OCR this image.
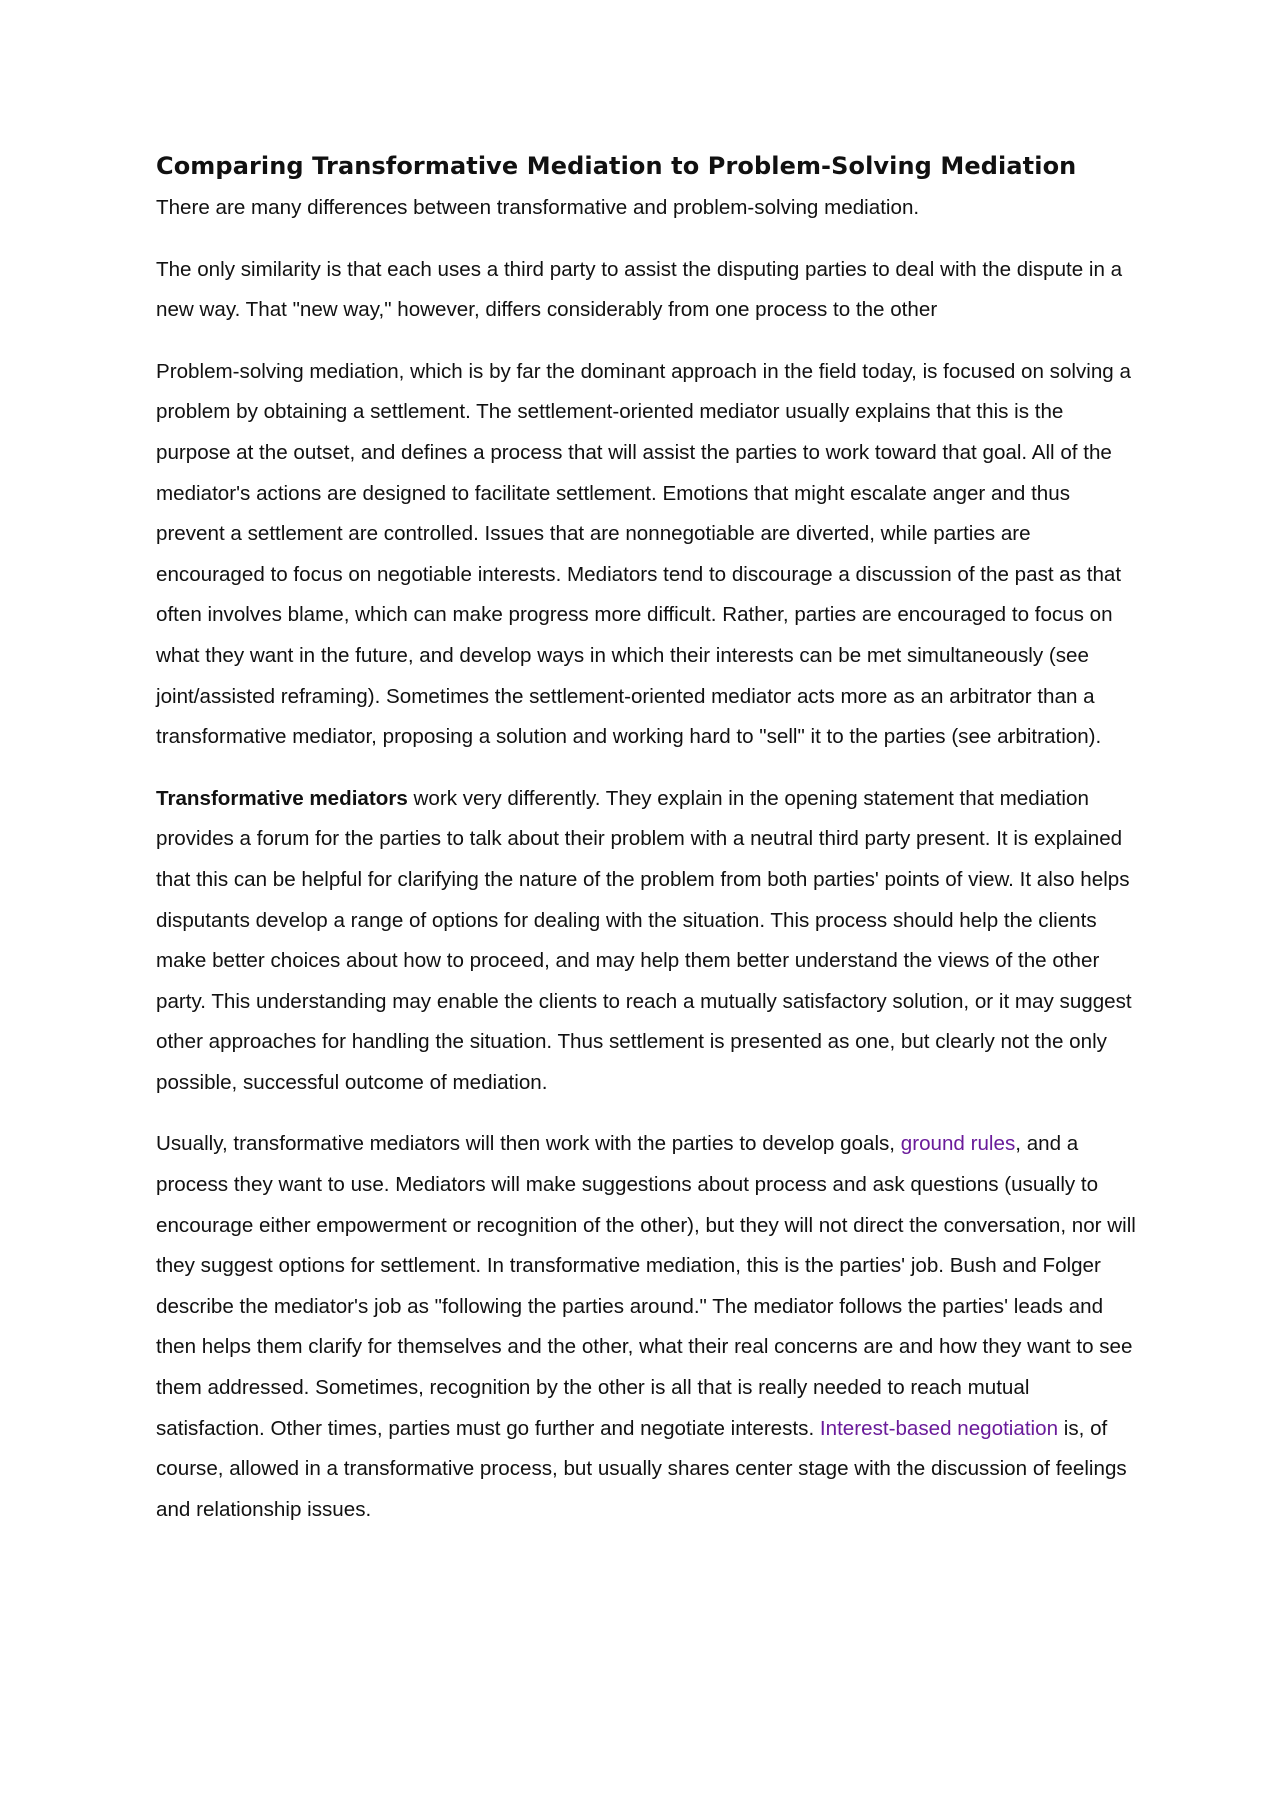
Comparing Transformative Mediation to Problem-Solving Mediation

There are many differences between transformative and problem-solving mediation.

The only similarity is that each uses a third party to assist the disputing parties to deal with the dispute in a new way. That "new way," however, differs considerably from one process to the other

Problem-solving mediation, which is by far the dominant approach in the field today, is focused on solving a problem by obtaining a settlement. The settlement-oriented mediator usually explains that this is the purpose at the outset, and defines a process that will assist the parties to work toward that goal. All of the mediator's actions are designed to facilitate settlement. Emotions that might escalate anger and thus prevent a settlement are controlled. Issues that are nonnegotiable are diverted, while parties are encouraged to focus on negotiable interests. Mediators tend to discourage a discussion of the past as that often involves blame, which can make progress more difficult. Rather, parties are encouraged to focus on what they want in the future, and develop ways in which their interests can be met simultaneously (see joint/assisted reframing). Sometimes the settlement-oriented mediator acts more as an arbitrator than a transformative mediator, proposing a solution and working hard to "sell" it to the parties (see arbitration).

Transformative mediators work very differently. They explain in the opening statement that mediation provides a forum for the parties to talk about their problem with a neutral third party present. It is explained that this can be helpful for clarifying the nature of the problem from both parties' points of view. It also helps disputants develop a range of options for dealing with the situation. This process should help the clients make better choices about how to proceed, and may help them better understand the views of the other party. This understanding may enable the clients to reach a mutually satisfactory solution, or it may suggest other approaches for handling the situation. Thus settlement is presented as one, but clearly not the only possible, successful outcome of mediation.

Usually, transformative mediators will then work with the parties to develop goals, ground rules, and a process they want to use. Mediators will make suggestions about process and ask questions (usually to encourage either empowerment or recognition of the other), but they will not direct the conversation, nor will they suggest options for settlement. In transformative mediation, this is the parties' job. Bush and Folger describe the mediator's job as "following the parties around." The mediator follows the parties' leads and then helps them clarify for themselves and the other, what their real concerns are and how they want to see them addressed. Sometimes, recognition by the other is all that is really needed to reach mutual satisfaction. Other times, parties must go further and negotiate interests. Interest-based negotiation is, of course, allowed in a transformative process, but usually shares center stage with the discussion of feelings and relationship issues.
